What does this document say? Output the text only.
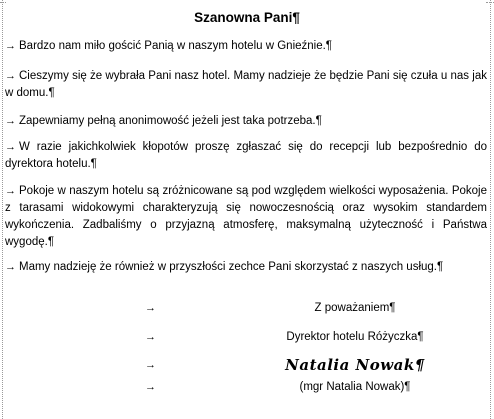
Szanowna Pani¶
→ Bardzo nam miło gościć Panią w naszym hotelu w Gnieźnie.¶
→ Cieszymy się że wybrała Pani nasz hotel. Mamy nadzieje że będzie Pani się czuła u nas jak w domu.¶
→ Zapewniamy pełną anonimowość jeżeli jest taka potrzeba.¶
→ W razie jakichkolwiek kłopotów proszę zgłaszać się do recepcji lub bezpośrednio do dyrektora hotelu.¶
→ Pokoje w naszym hotelu są zróżnicowane są pod względem wielkości wyposażenia. Pokoje z tarasami widokowymi charakteryzują się nowoczesnością oraz wysokim standardem wykończenia. Zadbaliśmy o przyjazną atmosferę, maksymalną użyteczność i Państwa wygodę.¶
→ Mamy nadzieję że również w przyszłości zechce Pani skorzystać z naszych usług.¶
→	Z poważaniem¶
→	Dyrektor hotelu Różyczka¶
→	Natalia Nowak¶
→	(mgr Natalia Nowak)¶
